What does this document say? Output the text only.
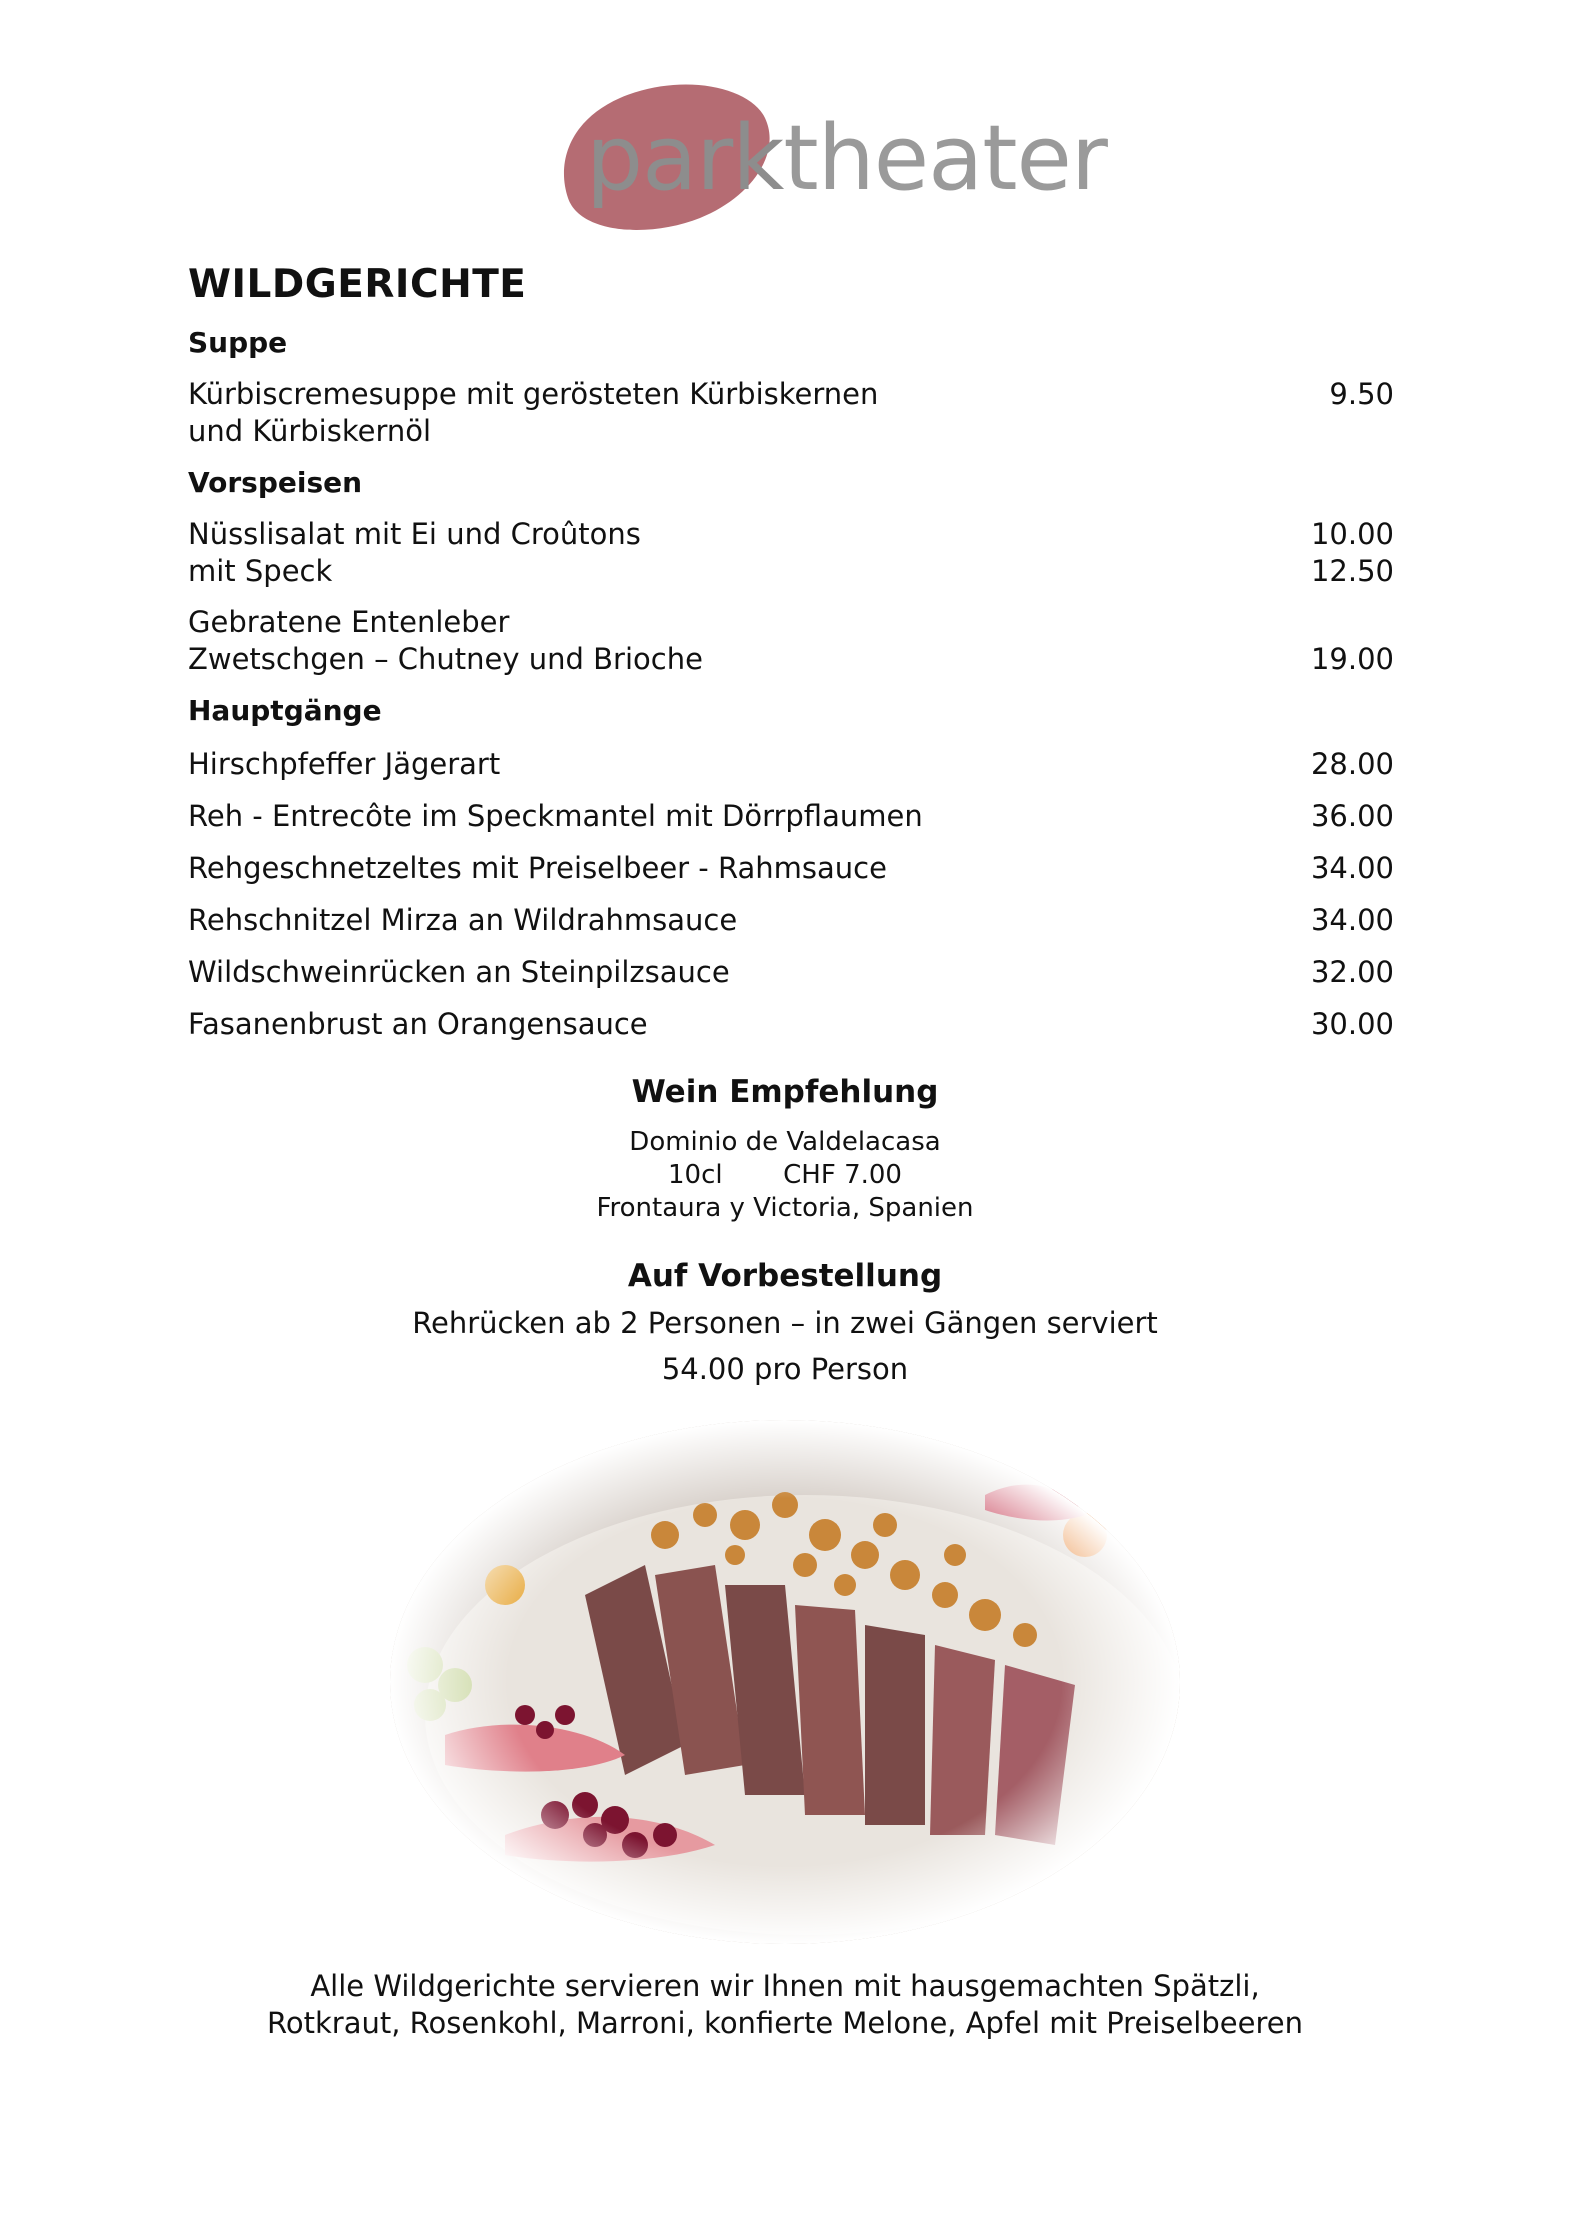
parktheater
WILDGERICHTE
Suppe
Kürbiscremesuppe mit gerösteten Kürbiskernen	9.50
und Kürbiskernöl
Vorspeisen
Nüsslisalat mit Ei und Croûtons	10.00
mit Speck	12.50
Gebratene Entenleber
Zwetschgen – Chutney und Brioche	19.00
Hauptgänge
Hirschpfeffer Jägerart	28.00
Reh - Entrecôte im Speckmantel mit Dörrpflaumen	36.00
Rehgeschnetzeltes mit Preiselbeer - Rahmsauce	34.00
Rehschnitzel Mirza an Wildrahmsauce	34.00
Wildschweinrücken an Steinpilzsauce	32.00
Fasanenbrust an Orangensauce	30.00
Wein Empfehlung
Dominio de Valdelacasa
10cl CHF 7.00
Frontaura y Victoria, Spanien
Auf Vorbestellung
Rehrücken ab 2 Personen – in zwei Gängen serviert
54.00 pro Person
Alle Wildgerichte servieren wir Ihnen mit hausgemachten Spätzli,
Rotkraut, Rosenkohl, Marroni, konfierte Melone, Apfel mit Preiselbeeren
